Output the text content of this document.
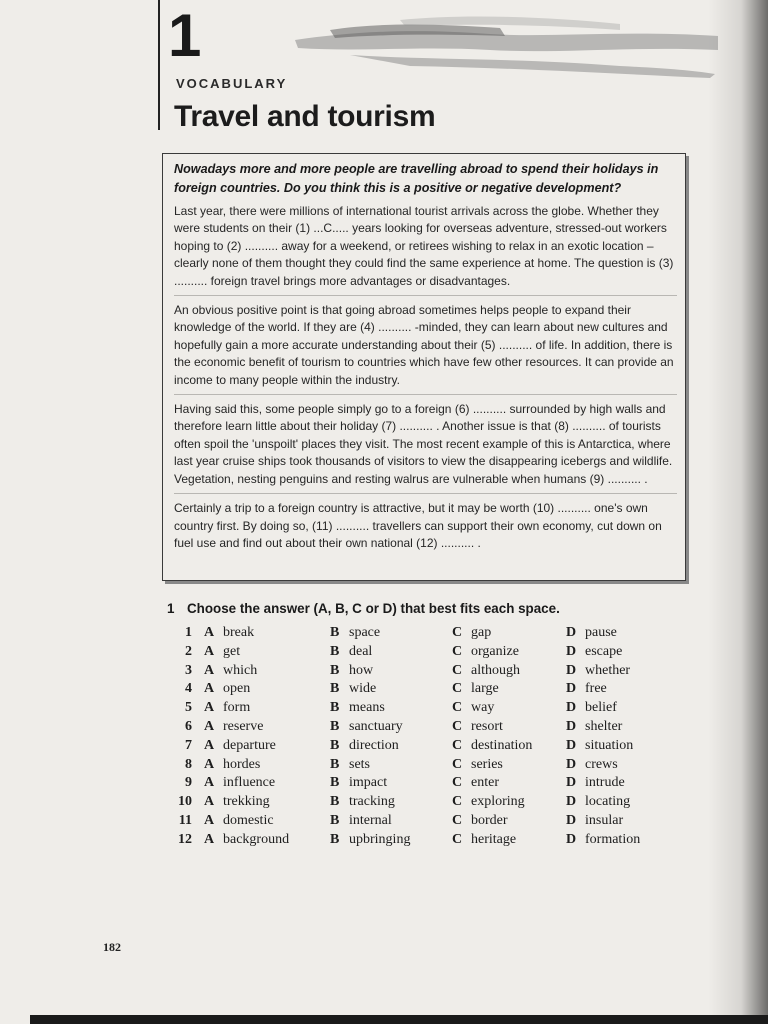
1
VOCABULARY
Travel and tourism

Nowadays more and more people are travelling abroad to spend their holidays in foreign countries. Do you think this is a positive or negative development?

Last year, there were millions of international tourist arrivals across the globe. Whether they were students on their (1) ...C..... years looking for overseas adventure, stressed-out workers hoping to (2) .......... away for a weekend, or retirees wishing to relax in an exotic location – clearly none of them thought they could find the same experience at home. The question is (3) .......... foreign travel brings more advantages or disadvantages.

An obvious positive point is that going abroad sometimes helps people to expand their knowledge of the world. If they are (4) .......... -minded, they can learn about new cultures and hopefully gain a more accurate understanding about their (5) .......... of life. In addition, there is the economic benefit of tourism to countries which have few other resources. It can provide an income to many people within the industry.

Having said this, some people simply go to a foreign (6) .......... surrounded by high walls and therefore learn little about their holiday (7) .......... . Another issue is that (8) .......... of tourists often spoil the 'unspoilt' places they visit. The most recent example of this is Antarctica, where last year cruise ships took thousands of visitors to view the disappearing icebergs and wildlife. Vegetation, nesting penguins and resting walrus are vulnerable when humans (9) .......... .

Certainly a trip to a foreign country is attractive, but it may be worth (10) .......... one's own country first. By doing so, (11) .......... travellers can support their own economy, cut down on fuel use and find out about their own national (12) .......... .

1 Choose the answer (A, B, C or D) that best fits each space.
1 A break	B space	C gap	D pause
2 A get	B deal	C organize	D escape
3 A which	B how	C although	D whether
4 A open	B wide	C large	D free
5 A form	B means	C way	D belief
6 A reserve	B sanctuary	C resort	D shelter
7 A departure	B direction	C destination D situation
8 A hordes	B sets	C series	D crews
9 A influence	B impact	C enter	D intrude
10 A trekking	B tracking	C exploring	D locating
11 A domestic	B internal	C border	D insular
12 A background	B upbringing	C heritage	D formation
182
